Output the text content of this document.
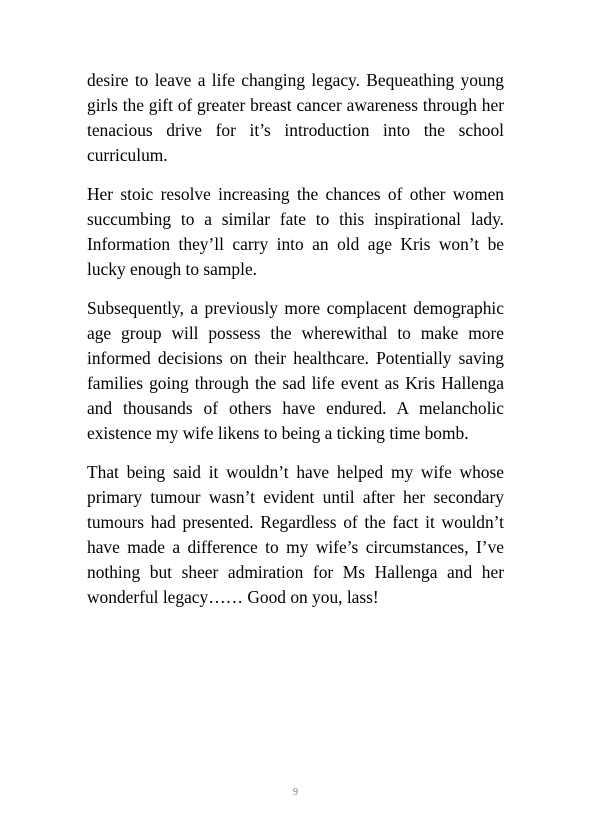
desire to leave a life changing legacy. Bequeathing young girls the gift of greater breast cancer awareness through her tenacious drive for it’s introduction into the school curriculum.

Her stoic resolve increasing the chances of other women succumbing to a similar fate to this inspirational lady. Information they’ll carry into an old age Kris won’t be lucky enough to sample.

Subsequently, a previously more complacent demographic age group will possess the wherewithal to make more informed decisions on their healthcare. Potentially saving families going through the sad life event as Kris Hallenga and thousands of others have endured. A melancholic existence my wife likens to being a ticking time bomb.

That being said it wouldn’t have helped my wife whose primary tumour wasn’t evident until after her secondary tumours had presented. Regardless of the fact it wouldn’t have made a difference to my wife’s circumstances, I’ve nothing but sheer admiration for Ms Hallenga and her wonderful legacy…… Good on you, lass!

9
